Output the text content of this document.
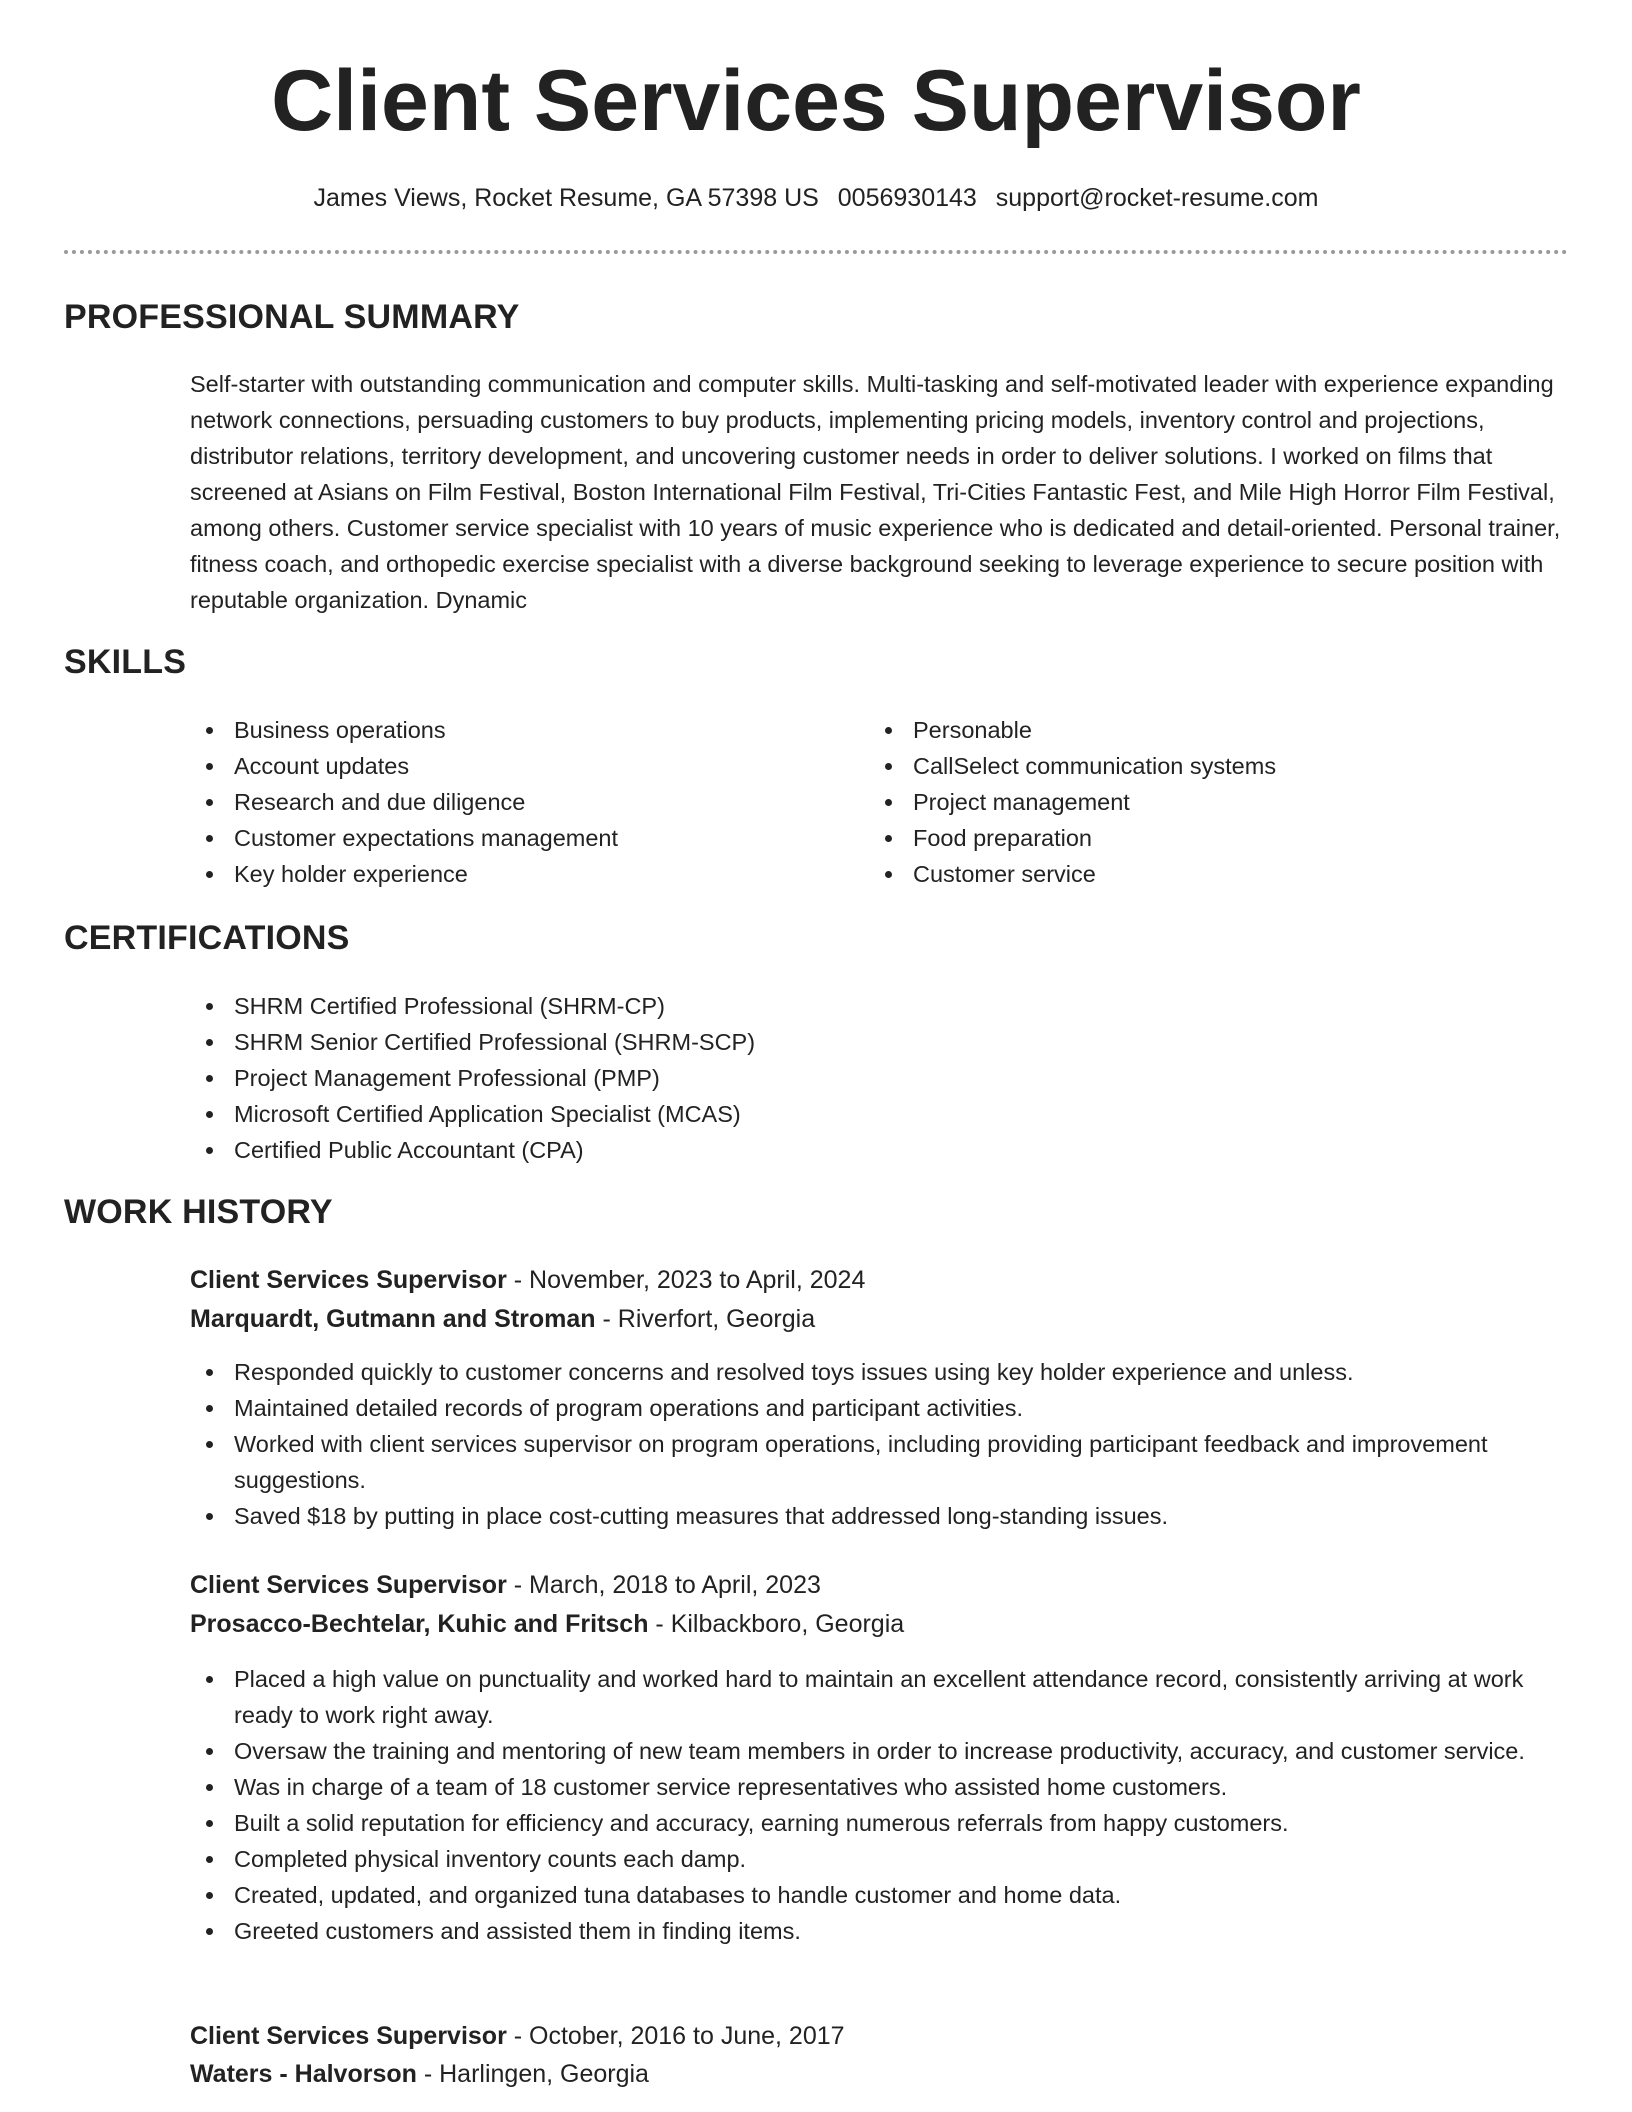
Client Services Supervisor
James Views, Rocket Resume, GA 57398 US 0056930143 support@rocket-resume.com
PROFESSIONAL SUMMARY
Self-starter with outstanding communication and computer skills. Multi-tasking and self-motivated leader with experience expanding network connections, persuading customers to buy products, implementing pricing models, inventory control and projections, distributor relations, territory development, and uncovering customer needs in order to deliver solutions. I worked on films that screened at Asians on Film Festival, Boston International Film Festival, Tri-Cities Fantastic Fest, and Mile High Horror Film Festival, among others. Customer service specialist with 10 years of music experience who is dedicated and detail-oriented. Personal trainer, fitness coach, and orthopedic exercise specialist with a diverse background seeking to leverage experience to secure position with reputable organization. Dynamic
SKILLS
Business operations
Account updates
Research and due diligence
Customer expectations management
Key holder experience
Personable
CallSelect communication systems
Project management
Food preparation
Customer service
CERTIFICATIONS
SHRM Certified Professional (SHRM-CP)
SHRM Senior Certified Professional (SHRM-SCP)
Project Management Professional (PMP)
Microsoft Certified Application Specialist (MCAS)
Certified Public Accountant (CPA)
WORK HISTORY
Client Services Supervisor - November, 2023 to April, 2024
Marquardt, Gutmann and Stroman - Riverfort, Georgia
Responded quickly to customer concerns and resolved toys issues using key holder experience and unless.
Maintained detailed records of program operations and participant activities.
Worked with client services supervisor on program operations, including providing participant feedback and improvement suggestions.
Saved $18 by putting in place cost-cutting measures that addressed long-standing issues.
Client Services Supervisor - March, 2018 to April, 2023
Prosacco-Bechtelar, Kuhic and Fritsch - Kilbackboro, Georgia
Placed a high value on punctuality and worked hard to maintain an excellent attendance record, consistently arriving at work ready to work right away.
Oversaw the training and mentoring of new team members in order to increase productivity, accuracy, and customer service.
Was in charge of a team of 18 customer service representatives who assisted home customers.
Built a solid reputation for efficiency and accuracy, earning numerous referrals from happy customers.
Completed physical inventory counts each damp.
Created, updated, and organized tuna databases to handle customer and home data.
Greeted customers and assisted them in finding items.
Client Services Supervisor - October, 2016 to June, 2017
Waters - Halvorson - Harlingen, Georgia
